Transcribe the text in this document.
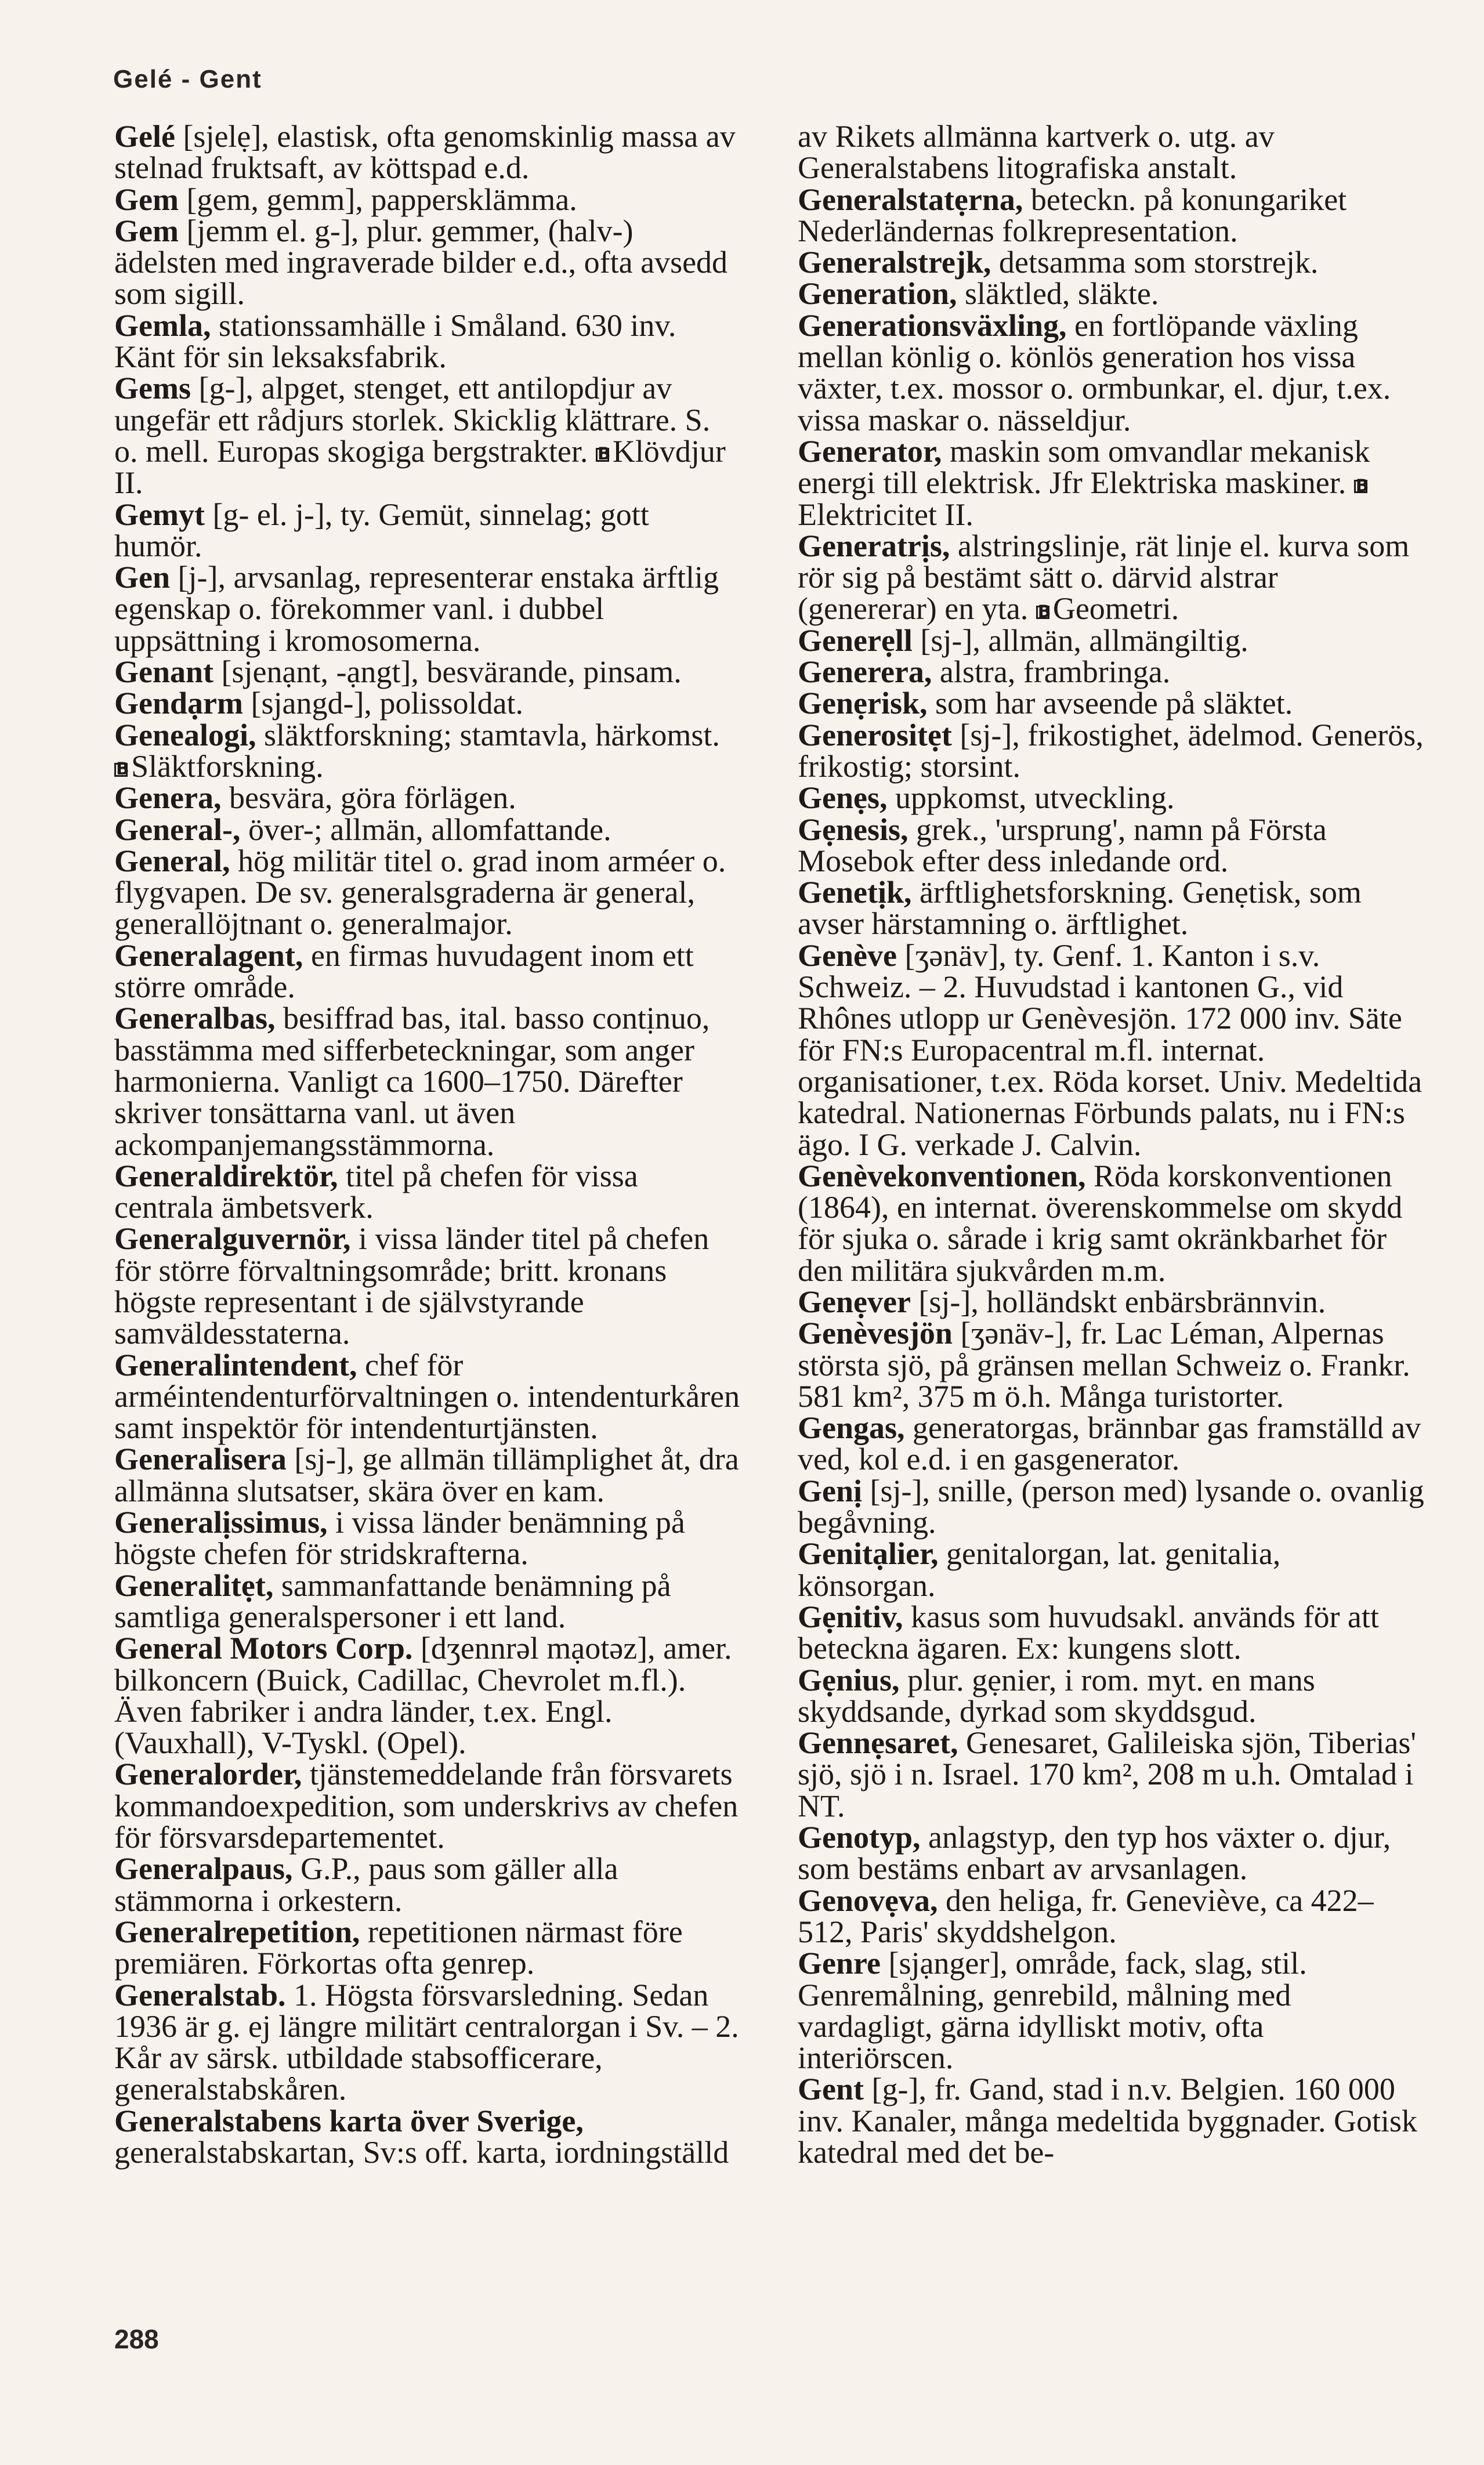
Gelé - Gent

Gelé [sjelẹ], elastisk, ofta genomskinlig massa av stelnad fruktsaft, av köttspad e.d.

Gem [gem, gemm], pappersklämma.

Gem [jemm el. g-], plur. gemmer, (halv-) ädelsten med ingraverade bilder e.d., ofta avsedd som sigill.

Gemla, stationssamhälle i Småland. 630 inv. Känt för sin leksaksfabrik.

Gems [g-], alpget, stenget, ett antilopdjur av ungefär ett rådjurs storlek. Skicklig klättrare. S. o. mell. Europas skogiga bergstrakter. BKlövdjur II.

Gemyt [g- el. j-], ty. Gemüt, sinnelag; gott humör.

Gen [j-], arvsanlag, representerar enstaka ärftlig egenskap o. förekommer vanl. i dubbel uppsättning i kromosomerna.

Genant [sjenạnt, -ạngt], besvärande, pinsam.

Gendạrm [sjangd-], polissoldat.

Genealogi, släktforskning; stamtavla, härkomst. BSläktforskning.

Genera, besvära, göra förlägen.

General-, över-; allmän, allomfattande.

General, hög militär titel o. grad inom arméer o. flygvapen. De sv. generalsgraderna är general, generallöjtnant o. generalmajor.

Generalagent, en firmas huvudagent inom ett större område.

Generalbas, besiffrad bas, ital. basso contịnuo, basstämma med sifferbeteckningar, som anger harmonierna. Vanligt ca 1600–1750. Därefter skriver tonsättarna vanl. ut även ackompanjemangsstämmorna.

Generaldirektör, titel på chefen för vissa centrala ämbetsverk.

Generalguvernör, i vissa länder titel på chefen för större förvaltningsområde; britt. kronans högste representant i de självstyrande samväldesstaterna.

Generalintendent, chef för arméintendenturförvaltningen o. intendenturkåren samt inspektör för intendenturtjänsten.

Generalisera [sj-], ge allmän tillämplighet åt, dra allmänna slutsatser, skära över en kam.

Generalịssimus, i vissa länder benämning på högste chefen för stridskrafterna.

Generalitẹt, sammanfattande benämning på samtliga generalspersoner i ett land.

General Motors Corp. [dʒennrəl mạotəz], amer. bilkoncern (Buick, Cadillac, Chevrolet m.fl.). Även fabriker i andra länder, t.ex. Engl. (Vauxhall), V-Tyskl. (Opel).

Generalorder, tjänstemeddelande från försvarets kommandoexpedition, som underskrivs av chefen för försvarsdepartementet.

Generalpaus, G.P., paus som gäller alla stämmorna i orkestern.

Generalrepetition, repetitionen närmast före premiären. Förkortas ofta genrep.

Generalstab. 1. Högsta försvarsledning. Sedan 1936 är g. ej längre militärt centralorgan i Sv. – 2. Kår av särsk. utbildade stabsofficerare, generalstabskåren.

Generalstabens karta över Sverige, generalstabskartan, Sv:s off. karta, iordningställd

av Rikets allmänna kartverk o. utg. av Generalstabens litografiska anstalt.

Generalstatẹrna, beteckn. på konungariket Nederländernas folkrepresentation.

Generalstrejk, detsamma som storstrejk.

Generation, släktled, släkte.

Generationsväxling, en fortlöpande växling mellan könlig o. könlös generation hos vissa växter, t.ex. mossor o. ormbunkar, el. djur, t.ex. vissa maskar o. nässeldjur.

Generator, maskin som omvandlar mekanisk energi till elektrisk. Jfr Elektriska maskiner. BElektricitet II.

Generatrịs, alstringslinje, rät linje el. kurva som rör sig på bestämt sätt o. därvid alstrar (genererar) en yta. BGeometri.

Generẹll [sj-], allmän, allmängiltig.

Generera, alstra, frambringa.

Genẹrisk, som har avseende på släktet.

Generositẹt [sj-], frikostighet, ädelmod. Generös, frikostig; storsint.

Genẹs, uppkomst, utveckling.

Gẹnesis, grek., 'ursprung', namn på Första Mosebok efter dess inledande ord.

Genetịk, ärftlighetsforskning. Genẹtisk, som avser härstamning o. ärftlighet.

Genève [ʒənäv], ty. Genf. 1. Kanton i s.v. Schweiz. – 2. Huvudstad i kantonen G., vid Rhônes utlopp ur Genèvesjön. 172 000 inv. Säte för FN:s Europacentral m.fl. internat. organisationer, t.ex. Röda korset. Univ. Medeltida katedral. Nationernas Förbunds palats, nu i FN:s ägo. I G. verkade J. Calvin.

Genèvekonventionen, Röda korskonventionen (1864), en internat. överenskommelse om skydd för sjuka o. sårade i krig samt okränkbarhet för den militära sjukvården m.m.

Genẹver [sj-], holländskt enbärsbrännvin.

Genèvesjön [ʒənäv-], fr. Lac Léman, Alpernas största sjö, på gränsen mellan Schweiz o. Frankr. 581 km², 375 m ö.h. Många turistorter.

Gengas, generatorgas, brännbar gas framställd av ved, kol e.d. i en gasgenerator.

Genị [sj-], snille, (person med) lysande o. ovanlig begåvning.

Genitạlier, genitalorgan, lat. genitalia, könsorgan.

Gẹnitiv, kasus som huvudsakl. används för att beteckna ägaren. Ex: kungens slott.

Gẹnius, plur. gẹnier, i rom. myt. en mans skyddsande, dyrkad som skyddsgud.

Gennẹsaret, Genesaret, Galileiska sjön, Tiberias' sjö, sjö i n. Israel. 170 km², 208 m u.h. Omtalad i NT.

Genotyp, anlagstyp, den typ hos växter o. djur, som bestäms enbart av arvsanlagen.

Genovẹva, den heliga, fr. Geneviève, ca 422–512, Paris' skyddshelgon.

Genre [sjạnger], område, fack, slag, stil. Genremålning, genrebild, målning med vardagligt, gärna idylliskt motiv, ofta interiörscen.

Gent [g-], fr. Gand, stad i n.v. Belgien. 160 000 inv. Kanaler, många medeltida byggnader. Gotisk katedral med det be-

288
